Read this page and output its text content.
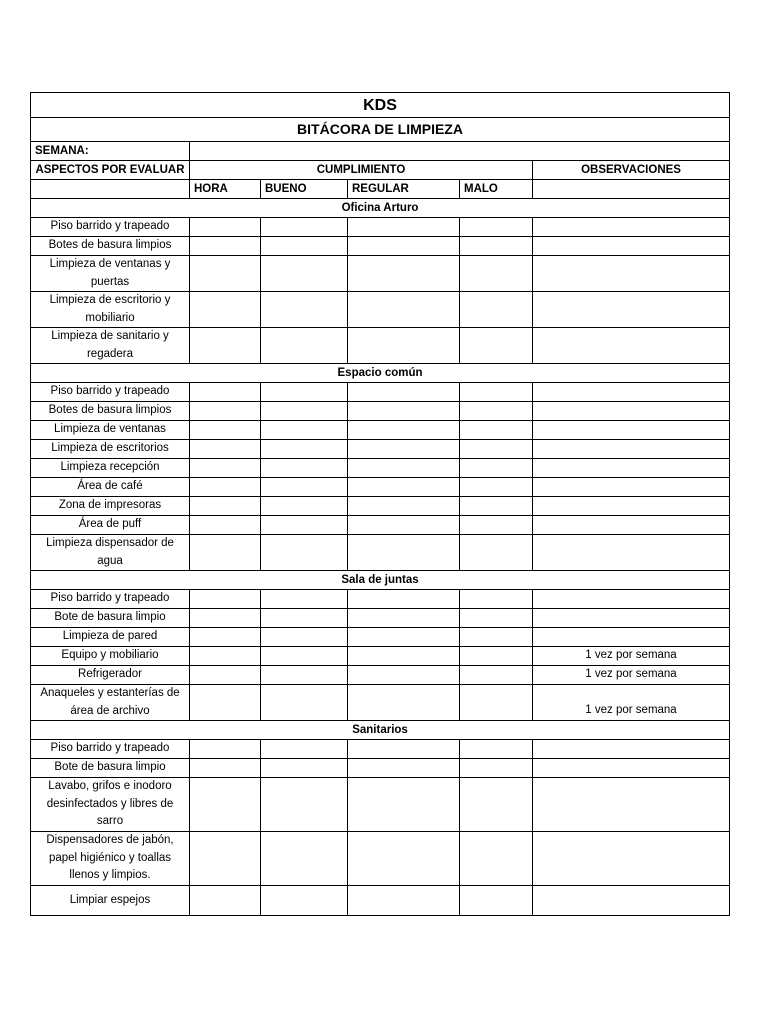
KDS					
BITÁCORA DE LIMPIEZA					
SEMANA:					
ASPECTOS POR EVALUAR	CUMPLIMIENTO				OBSERVACIONES
	HORA	BUENO	REGULAR	MALO	
Oficina Arturo					
Piso barrido y trapeado					
Botes de basura limpios					
Limpieza de ventanas y puertas					
Limpieza de escritorio y mobiliario					
Limpieza de sanitario y regadera					
Espacio común					
Piso barrido y trapeado					
Botes de basura limpios					
Limpieza de ventanas					
Limpieza de escritorios					
Limpieza recepción					
Área de café					
Zona de impresoras					
Área de puff					
Limpieza dispensador de agua					
Sala de juntas					
Piso barrido y trapeado					
Bote de basura limpio					
Limpieza de pared					
Equipo y mobiliario					1 vez por semana
Refrigerador					1 vez por semana
Anaqueles y estanterías de área de archivo					1 vez por semana
Sanitarios					
Piso barrido y trapeado					
Bote de basura limpio					
Lavabo, grifos e inodoro desinfectados y libres de sarro					
Dispensadores de jabón, papel higiénico y toallas llenos y limpios.					
Limpiar espejos					
